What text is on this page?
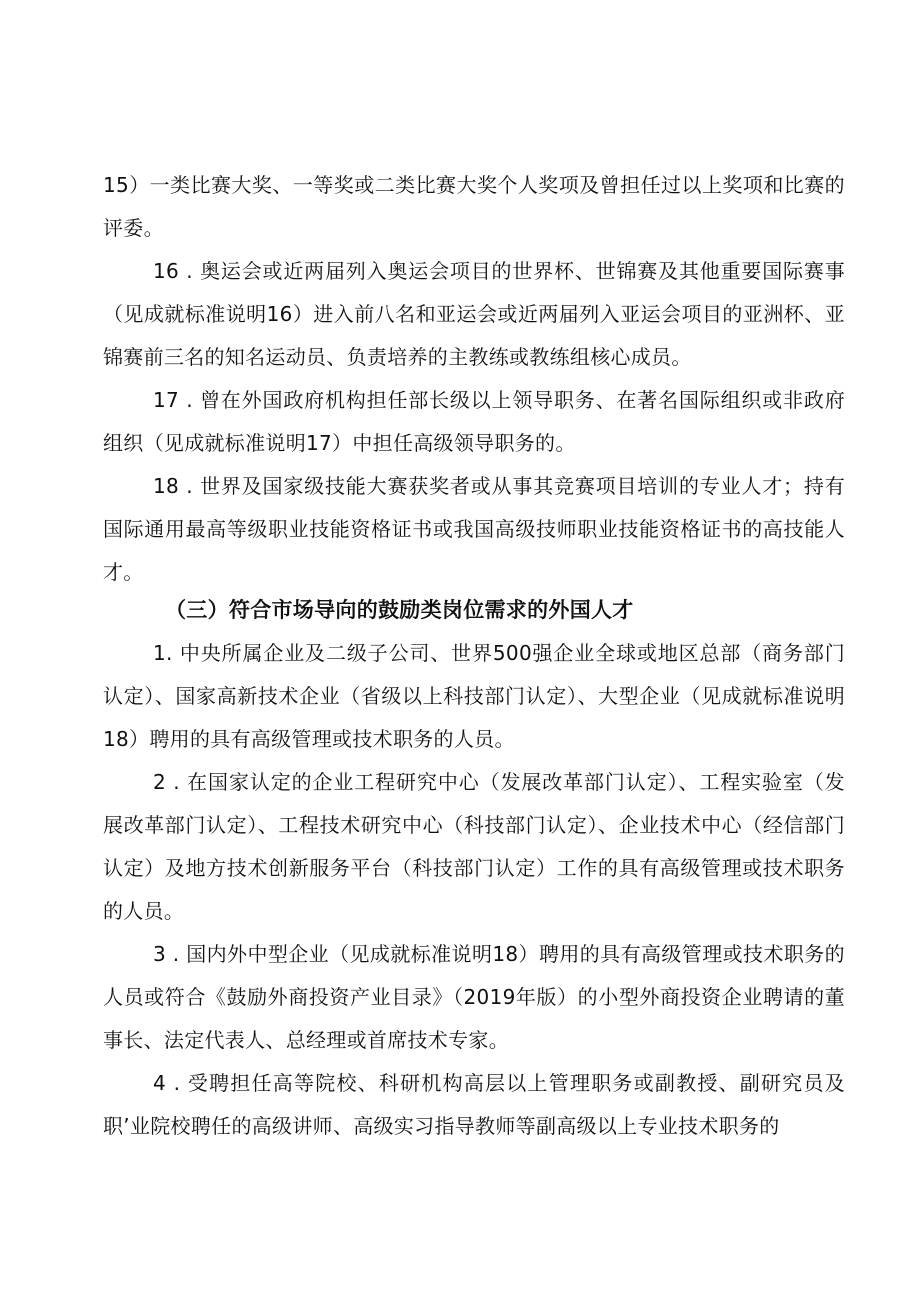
15）一类比赛大奖、一等奖或二类比赛大奖个人奖项及曾担任过以上奖项和比赛的评委。

16 . 奥运会或近两届列入奥运会项目的世界杯、世锦赛及其他重要国际赛事（见成就标准说明16）进入前八名和亚运会或近两届列入亚运会项目的亚洲杯、亚锦赛前三名的知名运动员、负责培养的主教练或教练组核心成员。

17 . 曾在外国政府机构担任部长级以上领导职务、在著名国际组织或非政府组织（见成就标准说明17）中担任高级领导职务的。

18 . 世界及国家级技能大赛获奖者或从事其竞赛项目培训的专业人才；持有国际通用最高等级职业技能资格证书或我国高级技师职业技能资格证书的高技能人才。

（三）符合市场导向的鼓励类岗位需求的外国人才

1. 中央所属企业及二级子公司、世界500强企业全球或地区总部（商务部门认定）、国家高新技术企业（省级以上科技部门认定）、大型企业（见成就标准说明18）聘用的具有高级管理或技术职务的人员。

2 . 在国家认定的企业工程研究中心（发展改革部门认定）、工程实验室（发展改革部门认定）、工程技术研究中心（科技部门认定）、企业技术中心（经信部门认定）及地方技术创新服务平台（科技部门认定）工作的具有高级管理或技术职务的人员。

3 . 国内外中型企业（见成就标准说明18）聘用的具有高级管理或技术职务的人员或符合《鼓励外商投资产业目录》（2019年版）的小型外商投资企业聘请的董事长、法定代表人、总经理或首席技术专家。

4 . 受聘担任高等院校、科研机构高层以上管理职务或副教授、副研究员及职’业院校聘任的高级讲师、高级实习指导教师等副高级以上专业技术职务的
